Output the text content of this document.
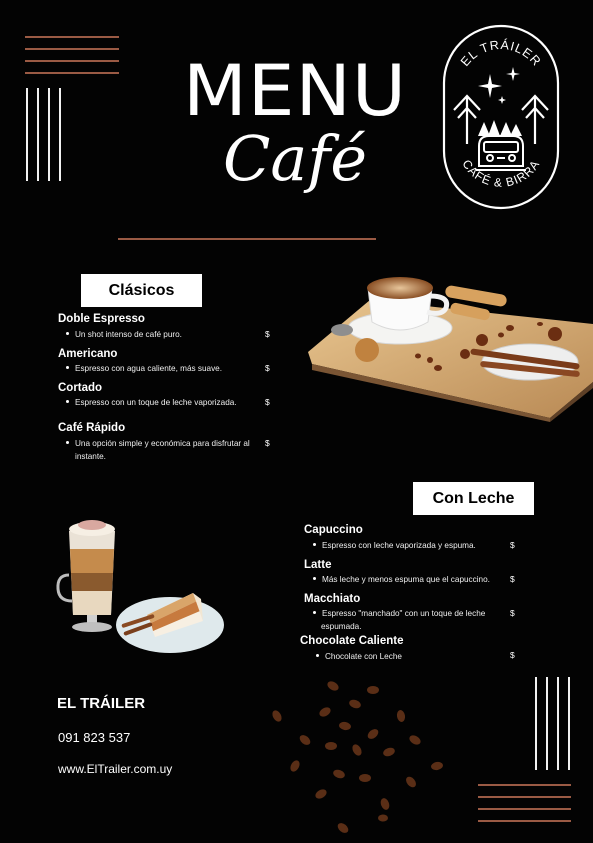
MENU
Café
EL TRÁILER
CAFÉ & BIRRA
Clásicos
Doble Espresso
Un shot intenso de café puro.	$
Americano
Espresso con agua caliente, más suave.	$
Cortado
Espresso con un toque de leche vaporizada.	$
Café Rápido
Una opción simple y económica para disfrutar al
instante.
$
Con Leche
Capuccino
Espresso con leche vaporizada y espuma.	$
Latte
Más leche y menos espuma que el capuccino. $
Macchiato
Espresso "manchado" con un toque de leche
espumada.
$
Chocolate Caliente
Chocolate con Leche	$
EL TRÁILER
091 823 537
www.ElTrailer.com.uy
